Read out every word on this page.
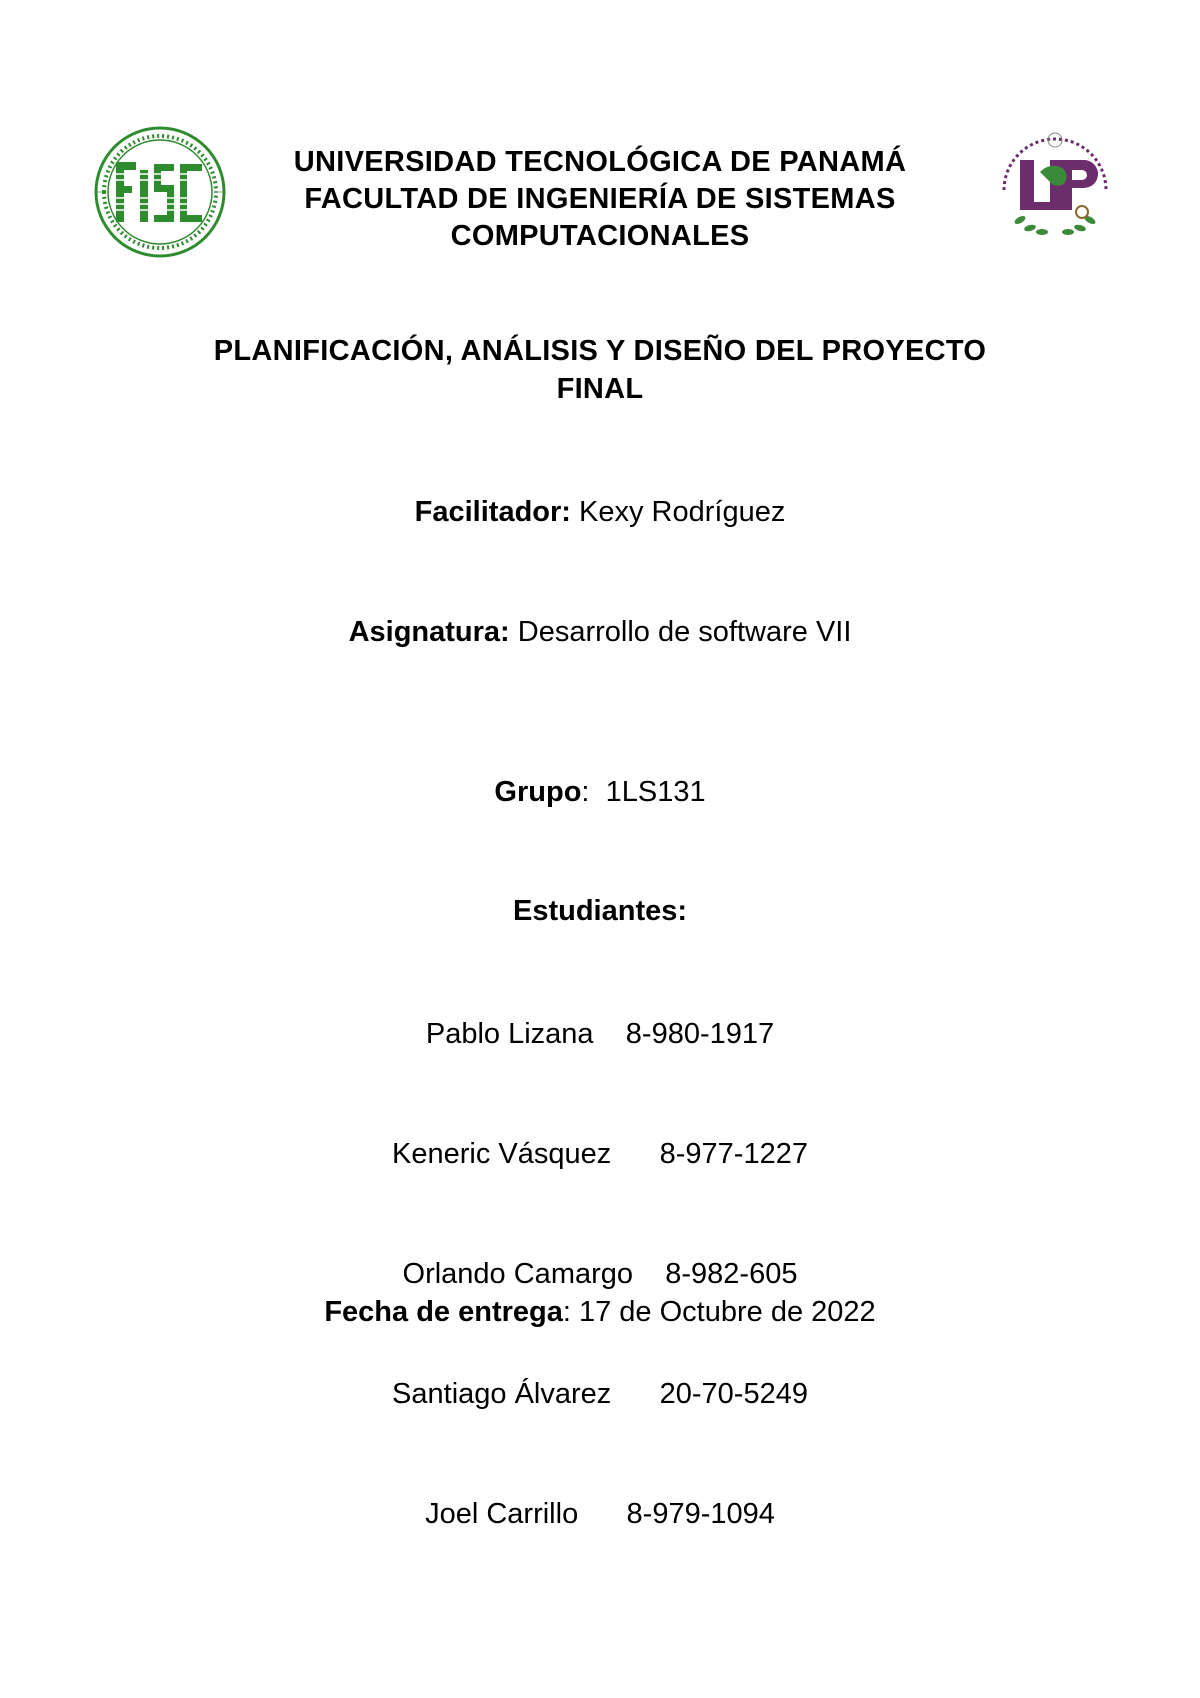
UNIVERSIDAD TECNOLÓGICA DE PANAMÁ
FACULTAD DE INGENIERÍA DE SISTEMAS
COMPUTACIONALES
PLANIFICACIÓN, ANÁLISIS Y DISEÑO DEL PROYECTO
FINAL
Facilitador: Kexy Rodríguez
Asignatura: Desarrollo de software VII
Grupo:  1LS131
Estudiantes:

Pablo Lizana 8-980-1917

Keneric Vásquez 8-977-1227

Orlando Camargo 8-982-605

Santiago Álvarez 20-70-5249

Joel Carrillo 8-979-1094

Fecha de entrega: 17 de Octubre de 2022
